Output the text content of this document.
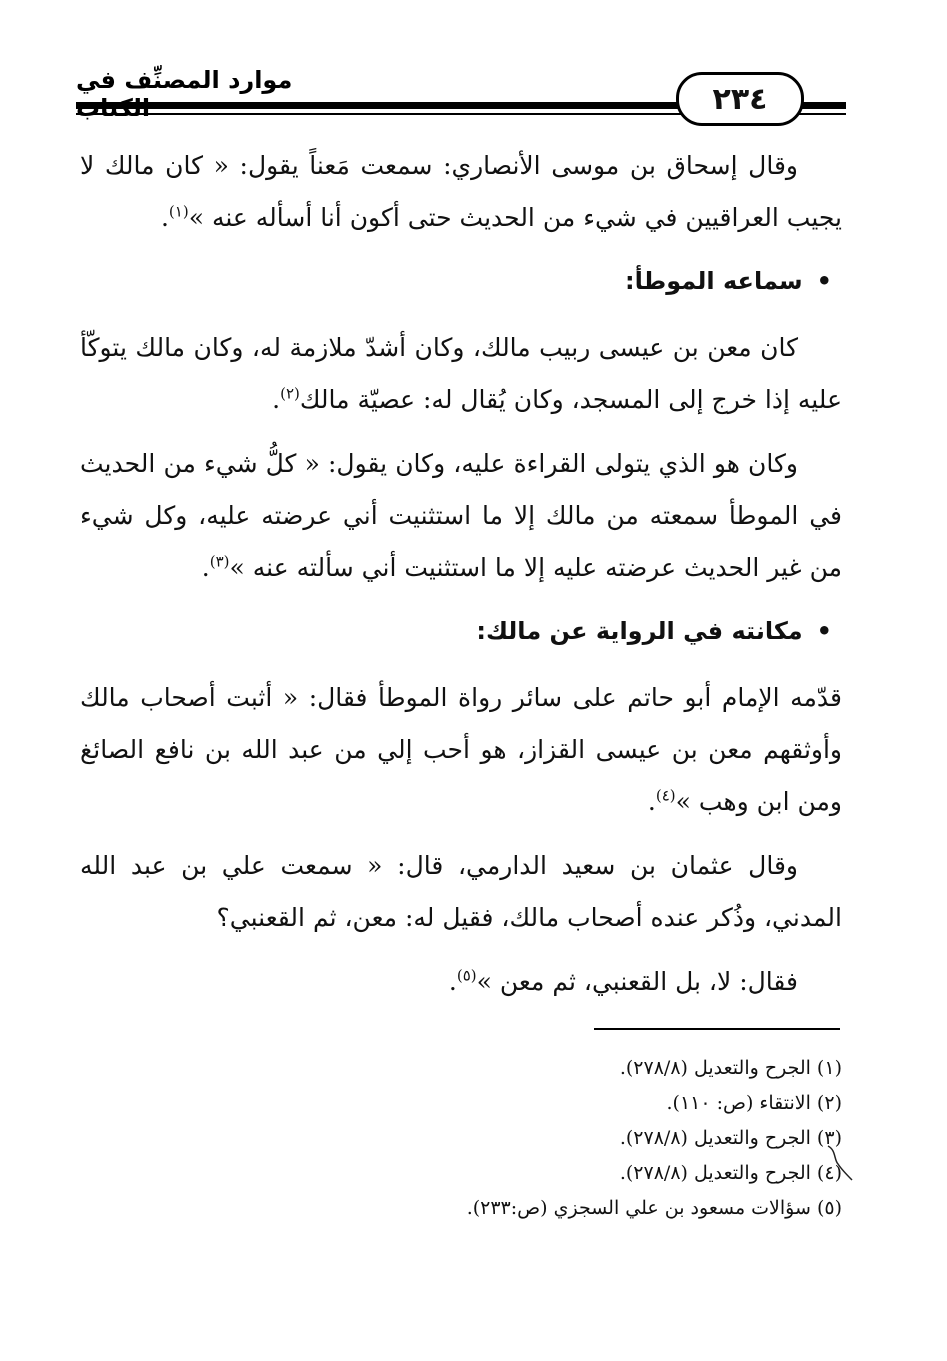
موارد المصنِّف في
٢٣٤

وقال إسحاق بن موسى الأنصاري: سمعت مَعناً يقول: « كان مالك لا يجيب العراقيين في شيء من الحديث حتى أكون أنا أسأله عنه »$^{(١)}$.

•سماعه الموطأ:

كان معن بن عيسى ربيب مالك، وكان أشدّ ملازمة له، وكان مالك يتوكّأ عليه إذا خرج إلى المسجد، وكان يُقال له: عصيّة مالك$^{(٢)}$.

وكان هو الذي يتولى القراءة عليه، وكان يقول: « كلُّ شيء من الحديث في الموطأ سمعته من مالك إلا ما استثنيت أني عرضته عليه، وكل شيء من غير الحديث عرضته عليه إلا ما استثنيت أني سألته عنه »$^{(٣)}$.

•مكانته في الرواية عن مالك:

قدّمه الإمام أبو حاتم على سائر رواة الموطأ فقال: « أثبت أصحاب مالك وأوثقهم معن بن عيسى القزاز، هو أحب إلي من عبد الله بن نافع الصائغ ومن ابن وهب »$^{(٤)}$.

وقال عثمان بن سعيد الدارمي، قال: « سمعت علي بن عبد الله المدني، وذُكر عنده أصحاب مالك، فقيل له: معن، ثم القعنبي؟

فقال: لا، بل القعنبي، ثم معن »$^{(٥)}$.

(١) الجرح والتعديل (٢٧٨/٨).

(٢) الانتقاء (ص: ١١٠).

(٣) الجرح والتعديل (٢٧٨/٨).

(٤) الجرح والتعديل (٢٧٨/٨).

(٥) سؤالات مسعود بن علي السجزي (ص:٢٣٣).
